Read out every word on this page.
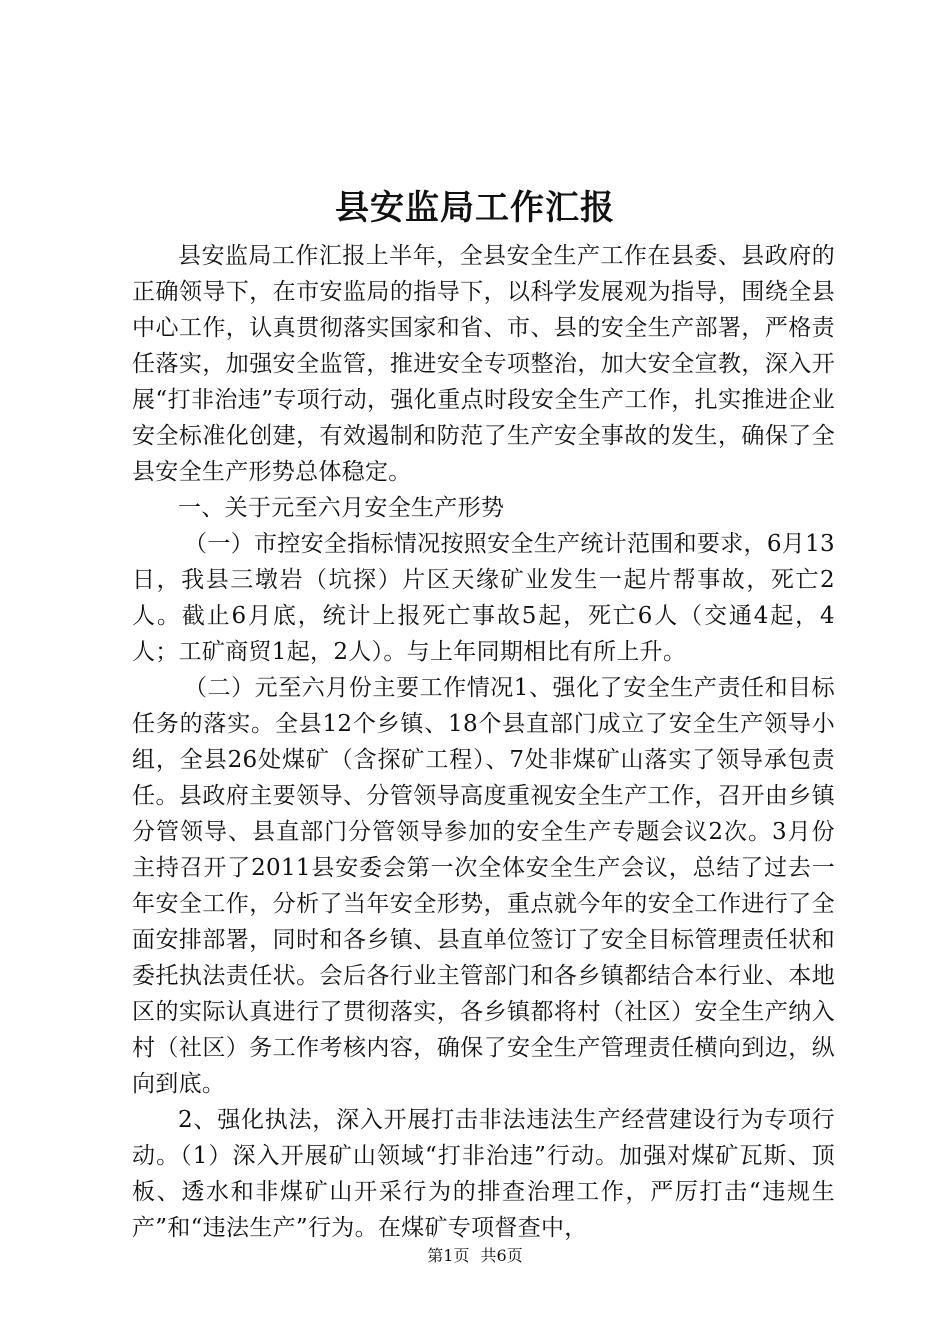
县安监局工作汇报

县安监局工作汇报上半年，全县安全生产工作在县委、县政府的正确领导下，在市安监局的指导下，以科学发展观为指导，围绕全县中心工作，认真贯彻落实国家和省、市、县的安全生产部署，严格责任落实，加强安全监管，推进安全专项整治，加大安全宣教，深入开展“打非治违”专项行动，强化重点时段安全生产工作，扎实推进企业安全标准化创建，有效遏制和防范了生产安全事故的发生，确保了全县安全生产形势总体稳定。

一、关于元至六月安全生产形势

（一）市控安全指标情况按照安全生产统计范围和要求，6月13日，我县三墩岩（坑探）片区天缘矿业发生一起片帮事故，死亡2人。截止6月底，统计上报死亡事故5起，死亡6人（交通4起，4人；工矿商贸1起，2人）。与上年同期相比有所上升。

（二）元至六月份主要工作情况1、强化了安全生产责任和目标任务的落实。全县12个乡镇、18个县直部门成立了安全生产领导小组，全县26处煤矿（含探矿工程）、7处非煤矿山落实了领导承包责任。县政府主要领导、分管领导高度重视安全生产工作，召开由乡镇分管领导、县直部门分管领导参加的安全生产专题会议2次。3月份主持召开了2011县安委会第一次全体安全生产会议，总结了过去一年安全工作，分析了当年安全形势，重点就今年的安全工作进行了全面安排部署，同时和各乡镇、县直单位签订了安全目标管理责任状和委托执法责任状。会后各行业主管部门和各乡镇都结合本行业、本地区的实际认真进行了贯彻落实，各乡镇都将村（社区）安全生产纳入村（社区）务工作考核内容，确保了安全生产管理责任横向到边，纵向到底。

2、强化执法，深入开展打击非法违法生产经营建设行为专项行动。（1）深入开展矿山领域“打非治违”行动。加强对煤矿瓦斯、顶板、透水和非煤矿山开采行为的排查治理工作，严厉打击“违规生产”和“违法生产”行为。在煤矿专项督查中，

第1页 共6页
